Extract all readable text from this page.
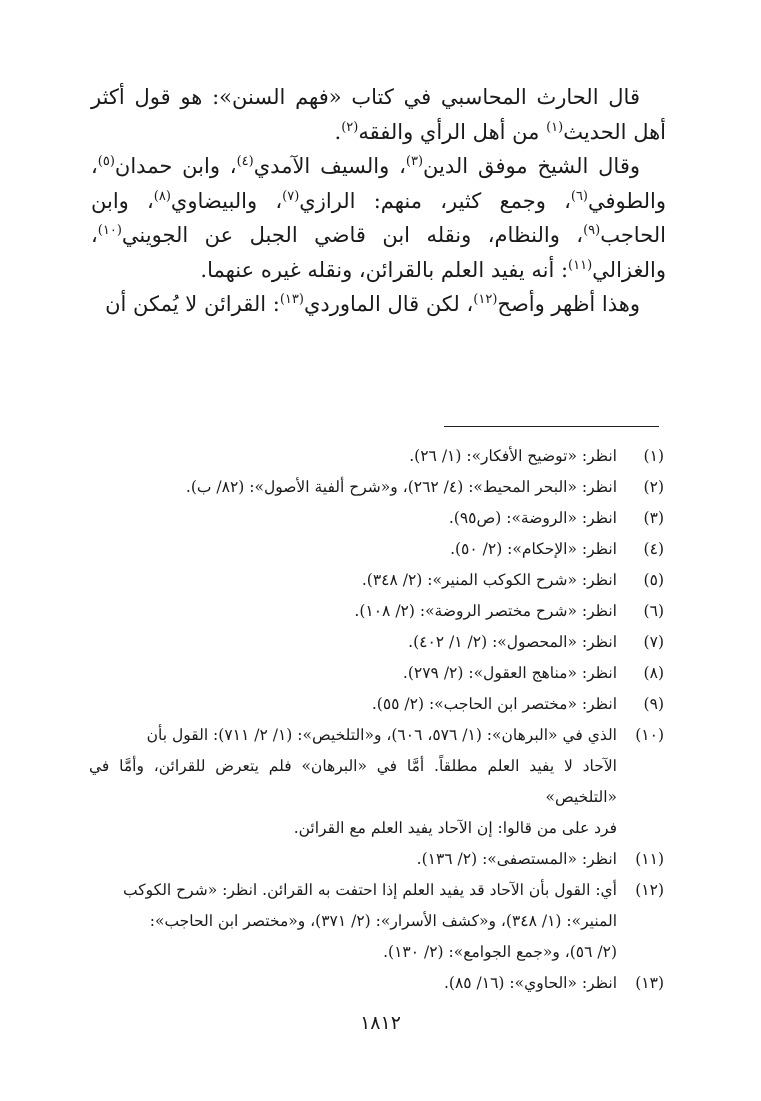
قال الحارث المحاسبي في كتاب «فهم السنن»: هو قول أكثر أهل الحديث$^{(١)}$ من أهل الرأي والفقه$^{(٢)}$.

وقال الشيخ موفق الدين$^{(٣)}$، والسيف الآمدي$^{(٤)}$، وابن حمدان$^{(٥)}$، والطوفي$^{(٦)}$، وجمع كثير، منهم: الرازي$^{(٧)}$، والبيضاوي$^{(٨)}$، وابن الحاجب$^{(٩)}$، والنظام، ونقله ابن قاضي الجبل عن الجويني$^{(١٠)}$، والغزالي$^{(١١)}$: أنه يفيد العلم بالقرائن، ونقله غيره عنهما.

وهذا أظهر وأصح$^{(١٢)}$، لكن قال الماوردي$^{(١٣)}$: القرائن لا يُمكن أن

(١)
انظر: «توضيح الأفكار»: (١/ ٢٦).
(٢)
انظر: «البحر المحيط»: (٤/ ٢٦٢)، و«شرح ألفية الأصول»: (٨٢/ ب).
(٣)
انظر: «الروضة»: (ص٩٥).
(٤)
انظر: «الإحكام»: (٢/ ٥٠).
(٥)
انظر: «شرح الكوكب المنير»: (٢/ ٣٤٨).
(٦)
انظر: «شرح مختصر الروضة»: (٢/ ١٠٨).
(٧)
انظر: «المحصول»: (٢/ ١/ ٤٠٢).
(٨)
انظر: «مناهج العقول»: (٢/ ٢٧٩).
(٩)
انظر: «مختصر ابن الحاجب»: (٢/ ٥٥).
(١٠)
الذي في «البرهان»: (١/ ٥٧٦، ٦٠٦)، و«التلخيص»: (١/ ٢/ ٧١١): القول بأن
الآحاد لا يفيد العلم مطلقاً. أمَّا في «البرهان» فلم يتعرض للقرائن، وأمَّا في «التلخيص»
فرد على من قالوا: إن الآحاد يفيد العلم مع القرائن.
(١١)
انظر: «المستصفى»: (٢/ ١٣٦).
(١٢)
أي: القول بأن الآحاد قد يفيد العلم إذا احتفت به القرائن. انظر: «شرح الكوكب
المنير»: (١/ ٣٤٨)، و«كشف الأسرار»: (٢/ ٣٧١)، و«مختصر ابن الحاجب»:
(٢/ ٥٦)، و«جمع الجوامع»: (٢/ ١٣٠).
(١٣)
انظر: «الحاوي»: (١٦/ ٨٥).
١٨١٢
